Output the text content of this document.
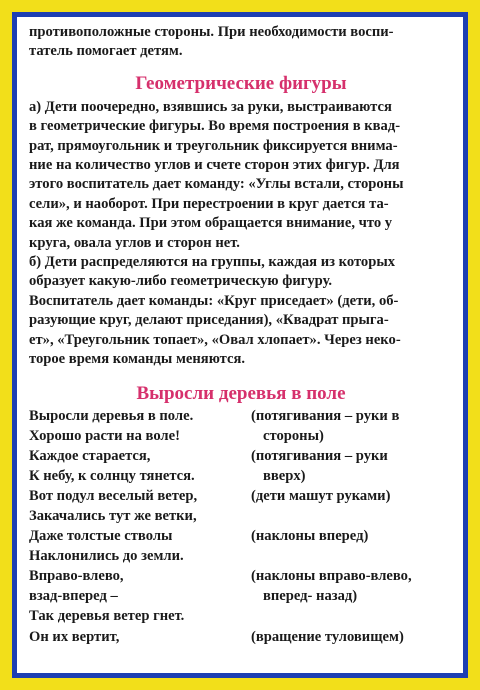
противоположные стороны. При необходимости воспи-
татель помогает детям.
Геометрические фигуры
а) Дети поочередно, взявшись за руки, выстраиваются
в геометрические фигуры. Во время построения в квад-
рат, прямоугольник и треугольник фиксируется внима-
ние на количество углов и счете сторон этих фигур. Для
этого воспитатель дает команду: «Углы встали, стороны
сели», и наоборот. При перестроении в круг дается та-
кая же команда. При этом обращается внимание, что у
круга, овала углов и сторон нет.
б) Дети распределяются на группы, каждая из которых
образует какую-либо геометрическую фигуру.
Воспитатель дает команды: «Круг приседает» (дети, об-
разующие круг, делают приседания), «Квадрат прыга-
ет», «Треугольник топает», «Овал хлопает». Через неко-
торое время команды меняются.
Выросли деревья в поле
Выросли деревья в поле.	(потягивания – руки в
Хорошо расти на воле!	стороны)
Каждое старается,	(потягивания – руки
К небу, к солнцу тянется.	вверх)
Вот подул веселый ветер,	(дети машут руками)
Закачались тут же ветки,
Даже толстые стволы	(наклоны вперед)
Наклонились до земли.
Вправо-влево,	(наклоны вправо-влево,
взад-вперед –	вперед- назад)
Так деревья ветер гнет.
Он их вертит,	(вращение туловищем)
